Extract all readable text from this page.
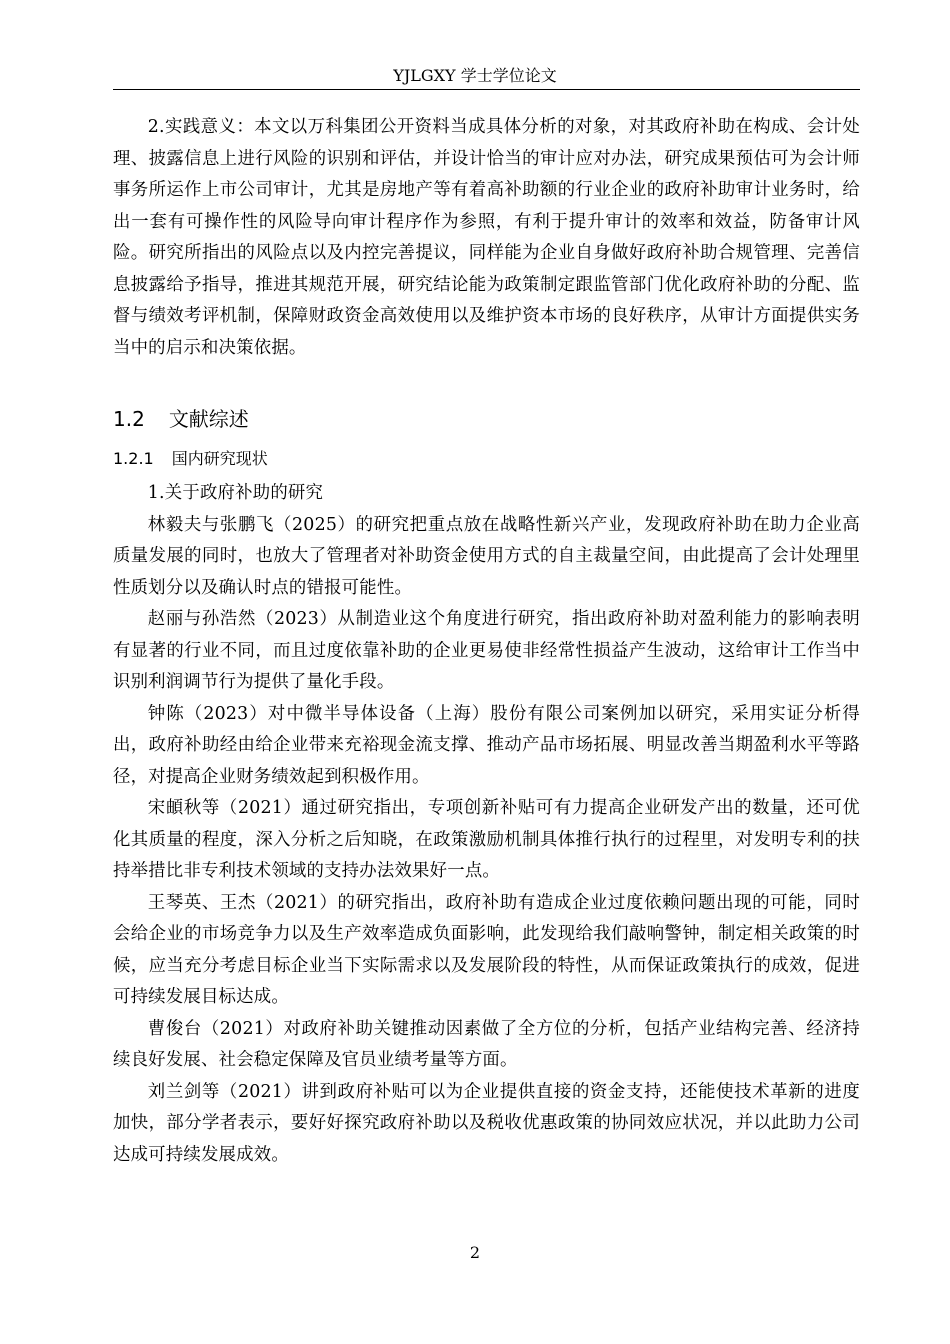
YJLGXY 学士学位论文

2.实践意义：本文以万科集团公开资料当成具体分析的对象，对其政府补助在构成、会计处理、披露信息上进行风险的识别和评估，并设计恰当的审计应对办法，研究成果预估可为会计师事务所运作上市公司审计，尤其是房地产等有着高补助额的行业企业的政府补助审计业务时，给出一套有可操作性的风险导向审计程序作为参照，有利于提升审计的效率和效益，防备审计风险。研究所指出的风险点以及内控完善提议，同样能为企业自身做好政府补助合规管理、完善信息披露给予指导，推进其规范开展，研究结论能为政策制定跟监管部门优化政府补助的分配、监督与绩效考评机制，保障财政资金高效使用以及维护资本市场的良好秩序，从审计方面提供实务当中的启示和决策依据。

1.2 文献综述
1.2.1 国内研究现状

1.关于政府补助的研究

林毅夫与张鹏飞（2025）的研究把重点放在战略性新兴产业，发现政府补助在助力企业高质量发展的同时，也放大了管理者对补助资金使用方式的自主裁量空间，由此提高了会计处理里性质划分以及确认时点的错报可能性。

赵丽与孙浩然（2023）从制造业这个角度进行研究，指出政府补助对盈利能力的影响表明有显著的行业不同，而且过度依靠补助的企业更易使非经常性损益产生波动，这给审计工作当中识别利润调节行为提供了量化手段。

钟陈（2023）对中微半导体设备（上海）股份有限公司案例加以研究，采用实证分析得出，政府补助经由给企业带来充裕现金流支撑、推动产品市场拓展、明显改善当期盈利水平等路径，对提高企业财务绩效起到积极作用。

宋頔秋等（2021）通过研究指出，专项创新补贴可有力提高企业研发产出的数量，还可优化其质量的程度，深入分析之后知晓，在政策激励机制具体推行执行的过程里，对发明专利的扶持举措比非专利技术领域的支持办法效果好一点。

王琴英、王杰（2021）的研究指出，政府补助有造成企业过度依赖问题出现的可能，同时会给企业的市场竞争力以及生产效率造成负面影响，此发现给我们敲响警钟，制定相关政策的时候，应当充分考虑目标企业当下实际需求以及发展阶段的特性，从而保证政策执行的成效，促进可持续发展目标达成。

曹俊台（2021）对政府补助关键推动因素做了全方位的分析，包括产业结构完善、经济持续良好发展、社会稳定保障及官员业绩考量等方面。

刘兰剑等（2021）讲到政府补贴可以为企业提供直接的资金支持，还能使技术革新的进度加快，部分学者表示，要好好探究政府补助以及税收优惠政策的协同效应状况，并以此助力公司达成可持续发展成效。

2
